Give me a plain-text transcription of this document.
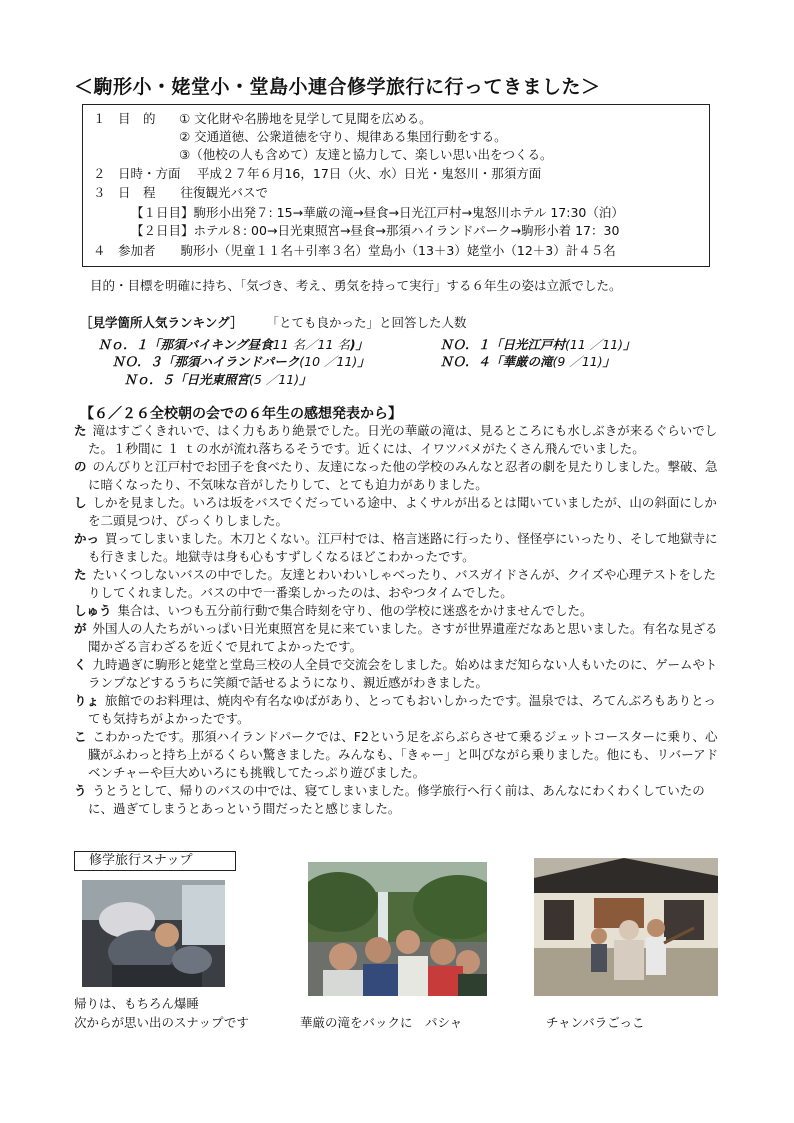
＜駒形小・姥堂小・堂島小連合修学旅行に行ってきました＞
１　目　的 ① 文化財や名勝地を見学して見聞を広める。
② 交通道徳、公衆道徳を守り、規律ある集団行動をする。
③（他校の人も含めて）友達と協力して、楽しい思い出をつくる。
２　日時・方面　 平成２７年６月16，17日（火、水）日光・鬼怒川・那須方面
３　日　程　　往復観光バスで
【１日目】駒形小出発７: 15→華厳の滝→昼食→日光江戸村→鬼怒川ホテル 17:30（泊）
【２日目】ホテル８: 00→日光東照宮→昼食→那須ハイランドパーク→駒形小着 17：30
４　参加者　　駒形小（児童１１名＋引率３名）堂島小（13＋3）姥堂小（12＋3）計４５名
目的・目標を明確に持ち、「気づき、考え、勇気を持って実行」する６年生の姿は立派でした。
［見学箇所人気ランキング］ 「とても良かった」と回答した人数
Ｎｏ．１「那須バイキング昼食11 名／11 名)」	ＮＯ．１「日光江戸村(11 ／11)」
ＮＯ．３「那須ハイランドパーク(10 ／11)」	ＮＯ．４「華厳の滝(9 ／11)」
Ｎｏ．５「日光東照宮(5 ／11)」
【６／２６全校朝の会での６年生の感想発表から】

た 滝はすごくきれいで、はく力もあり絶景でした。日光の華厳の滝は、見るところにも水しぶきが来るぐらいでした。１秒間に １ ｔの水が流れ落ちるそうです。近くには、イワツバメがたくさん飛んでいました。

の のんびりと江戸村でお団子を食べたり、友達になった他の学校のみんなと忍者の劇を見たりしました。撃破、急に暗くなったり、不気味な音がしたりして、とても迫力がありました。

し しかを見ました。いろは坂をバスでくだっている途中、よくサルが出るとは聞いていましたが、山の斜面にしかを二頭見つけ、びっくりしました。

かっ 買ってしまいました。木刀とくない。江戸村では、格言迷路に行ったり、怪怪亭にいったり、そして地獄寺にも行きました。地獄寺は身も心もすずしくなるほどこわかったです。

た たいくつしないバスの中でした。友達とわいわいしゃべったり、バスガイドさんが、クイズや心理テストをしたりしてくれました。バスの中で一番楽しかったのは、おやつタイムでした。

しゅう 集合は、いつも五分前行動で集合時刻を守り、他の学校に迷惑をかけませんでした。

が 外国人の人たちがいっぱい日光東照宮を見に来ていました。さすが世界遺産だなあと思いました。有名な見ざる聞かざる言わざるを近くで見れてよかったです。

く 九時過ぎに駒形と姥堂と堂島三校の人全員で交流会をしました。始めはまだ知らない人もいたのに、ゲームやトランプなどするうちに笑顔で話せるようになり、親近感がわきました。

りょ 旅館でのお料理は、焼肉や有名なゆばがあり、とってもおいしかったです。温泉では、ろてんぶろもありとっても気持ちがよかったです。

こ こわかったです。那須ハイランドパークでは、F2という足をぶらぶらさせて乗るジェットコースターに乗り、心臓がふわっと持ち上がるくらい驚きました。みんなも、「きゃー」と叫びながら乗りました。他にも、リバーアドベンチャーや巨大めいろにも挑戦してたっぷり遊びました。

う うとうとして、帰りのバスの中では、寝てしまいました。修学旅行へ行く前は、あんなにわくわくしていたのに、過ぎてしまうとあっという間だったと感じました。

修学旅行スナップ
帰りは、もちろん爆睡
次からが思い出のスナップです	華厳の滝をバックに　パシャ	チャンバラごっこ
